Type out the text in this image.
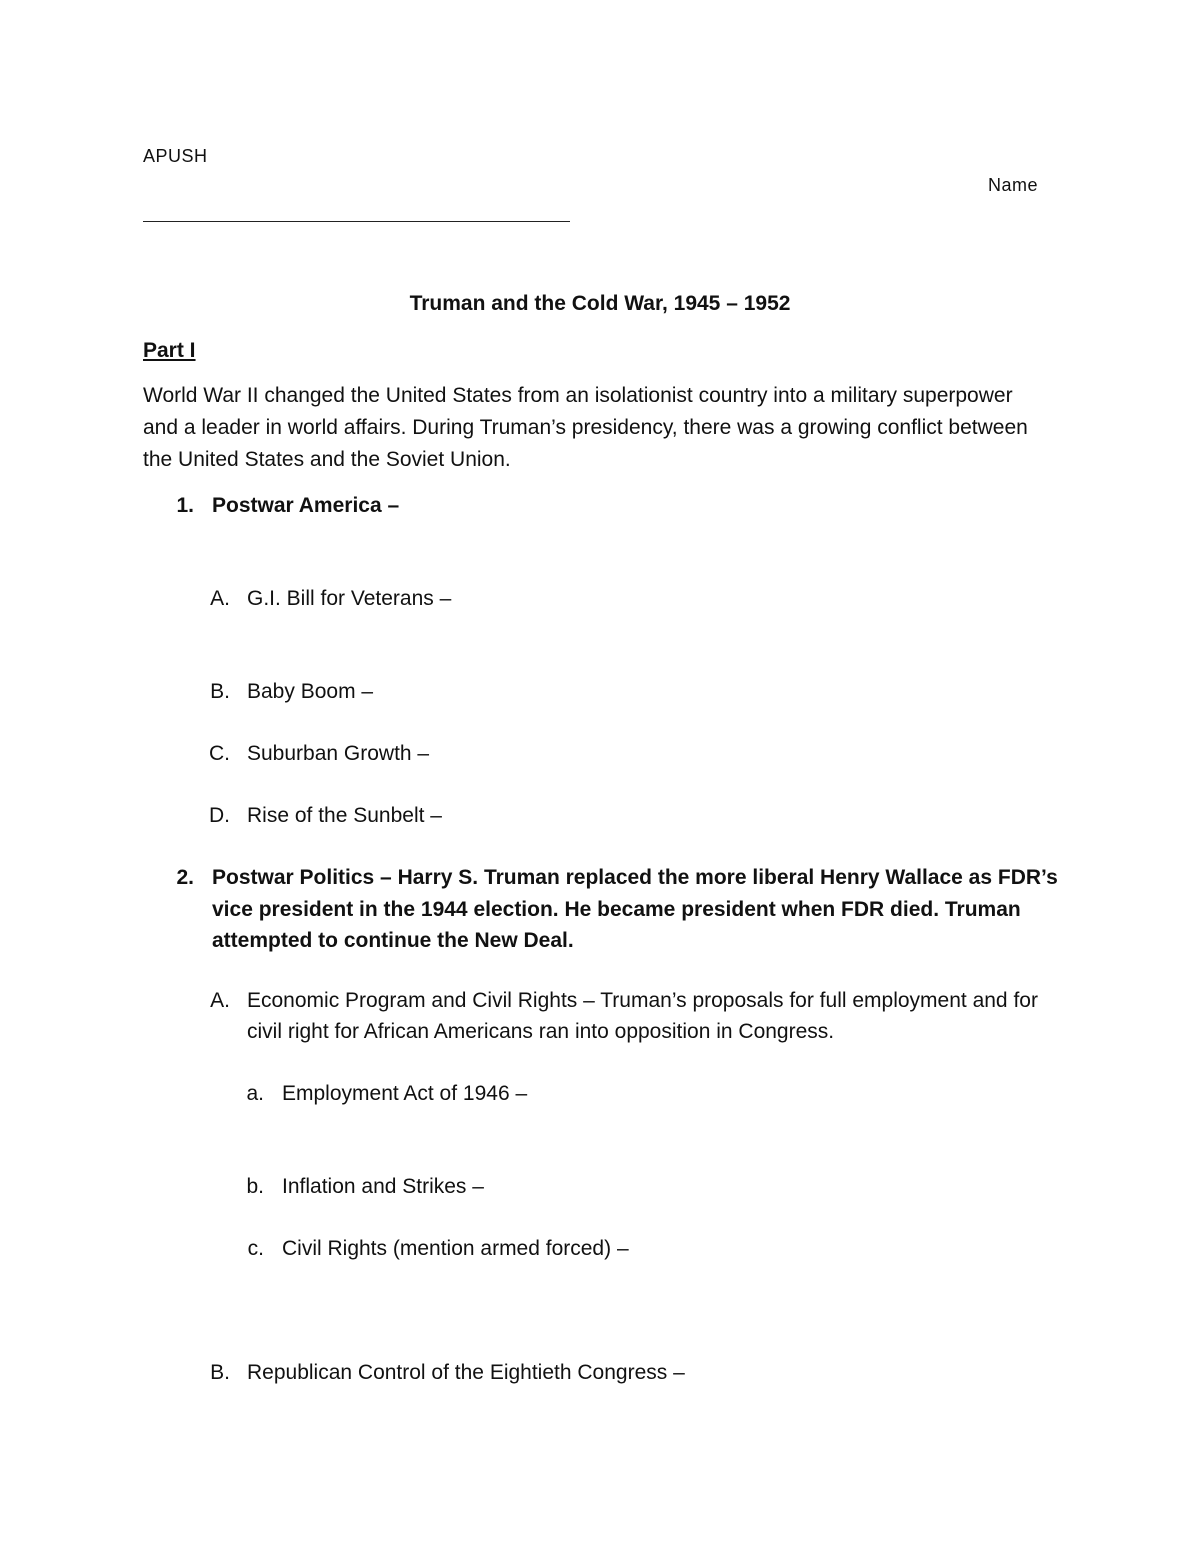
APUSH
Name
Truman and the Cold War, 1945 – 1952
Part I
World War II changed the United States from an isolationist country into a military superpower
and a leader in world affairs. During Truman’s presidency, there was a growing conflict between
the United States and the Soviet Union.
1. Postwar America –
A. G.I. Bill for Veterans –
B. Baby Boom –
C. Suburban Growth –
D. Rise of the Sunbelt –
2. Postwar Politics – Harry S. Truman replaced the more liberal Henry Wallace as FDR’s
vice president in the 1944 election. He became president when FDR died. Truman
attempted to continue the New Deal.
A. Economic Program and Civil Rights – Truman’s proposals for full employment and for
civil right for African Americans ran into opposition in Congress.
a. Employment Act of 1946 –
b. Inflation and Strikes –
c. Civil Rights (mention armed forced) –
B. Republican Control of the Eightieth Congress –
